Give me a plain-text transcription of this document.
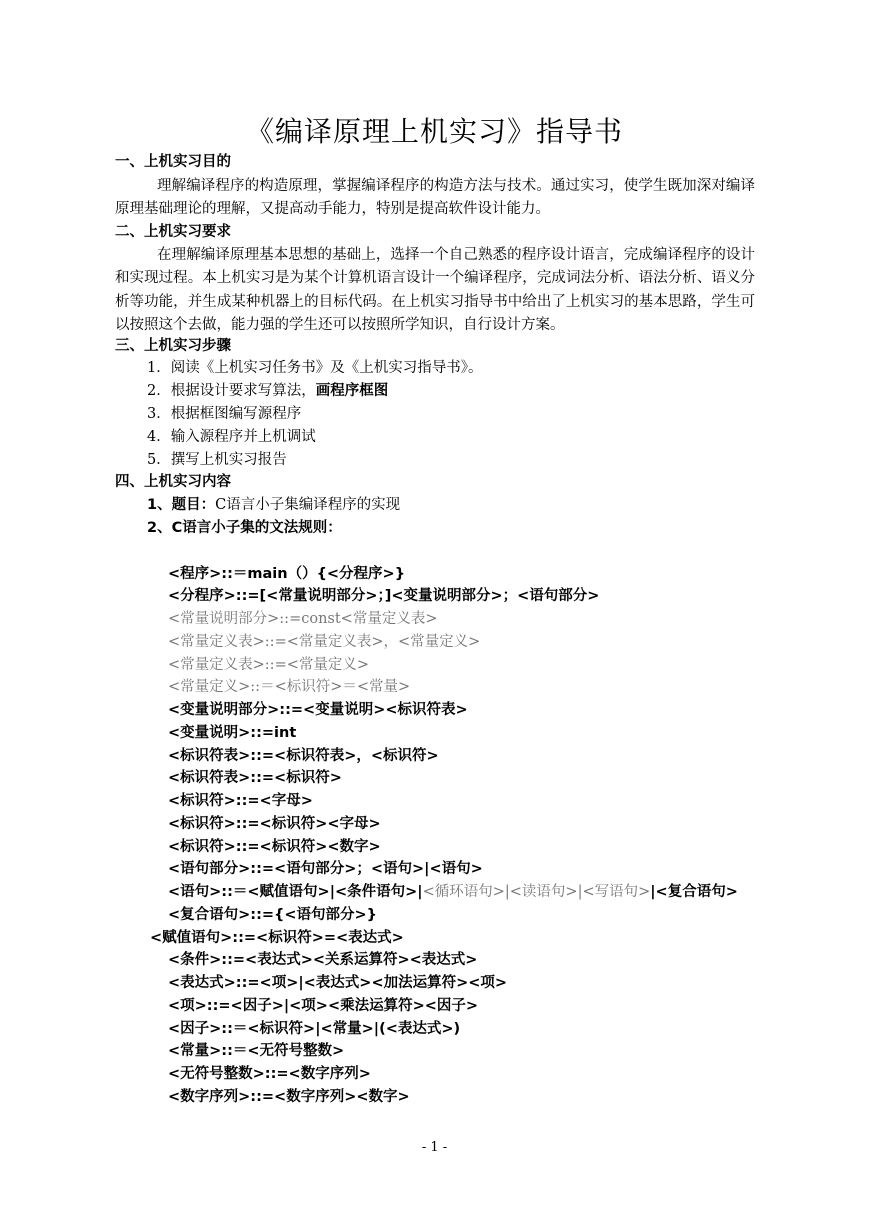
《编译原理上机实习》指导书
一、上机实习目的
理解编译程序的构造原理，掌握编译程序的构造方法与技术。通过实习，使学生既加深对编译原理基础理论的理解，又提高动手能力，特别是提高软件设计能力。
二、上机实习要求
在理解编译原理基本思想的基础上，选择一个自己熟悉的程序设计语言，完成编译程序的设计和实现过程。本上机实习是为某个计算机语言设计一个编译程序，完成词法分析、语法分析、语义分析等功能，并生成某种机器上的目标代码。在上机实习指导书中给出了上机实习的基本思路，学生可以按照这个去做，能力强的学生还可以按照所学知识，自行设计方案。
三、上机实习步骤
1．阅读《上机实习任务书》及《上机实习指导书》。
2．根据设计要求写算法，画程序框图
3．根据框图编写源程序
4．输入源程序并上机调试
5．撰写上机实习报告
四、上机实习内容
1、题目：C语言小子集编译程序的实现
2、C语言小子集的文法规则：
<程序>::＝main（）{<分程序>}
<分程序>::=[<常量说明部分>；]<变量说明部分>；<语句部分>
<常量说明部分>::=const<常量定义表>
<常量定义表>::=<常量定义表>，<常量定义>
<常量定义表>::=<常量定义>
<常量定义>::＝<标识符>＝<常量>
<变量说明部分>::=<变量说明><标识符表>
<变量说明>::=int
<标识符表>::=<标识符表>，<标识符>
<标识符表>::=<标识符>
<标识符>::=<字母>
<标识符>::=<标识符><字母>
<标识符>::=<标识符><数字>
<语句部分>::=<语句部分>；<语句>|<语句>
<语句>::＝<赋值语句>|<条件语句>|<循环语句>|<读语句>|<写语句>|<复合语句>
<复合语句>::={<语句部分>}
<赋值语句>::=<标识符>=<表达式>
<条件>::=<表达式><关系运算符><表达式>
<表达式>::=<项>|<表达式><加法运算符><项>
<项>::=<因子>|<项><乘法运算符><因子>
<因子>::＝<标识符>|<常量>|(<表达式>)
<常量>::＝<无符号整数>
<无符号整数>::=<数字序列>
<数字序列>::=<数字序列><数字>
- 1 -
